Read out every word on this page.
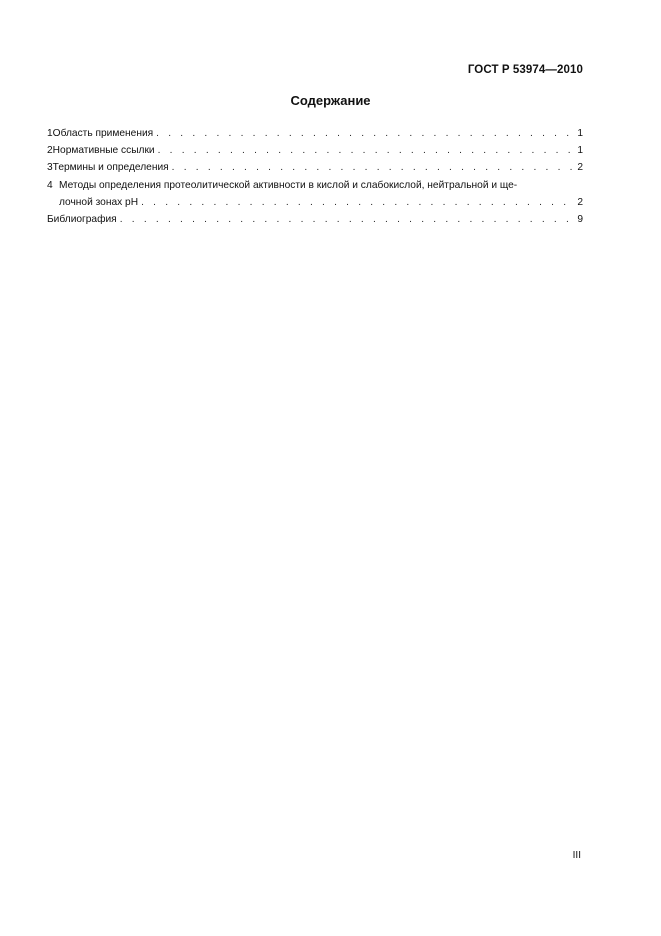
ГОСТ Р 53974—2010
Содержание
1 Область применения . . .	1
2 Нормативные ссылки . . .	1
3 Термины и определения . . .	2
4 Методы определения протеолитической активности в кислой и слабокислой, нейтральной и ще-
лочной зонах pH . . .	2
Библиография . . .	9
III
